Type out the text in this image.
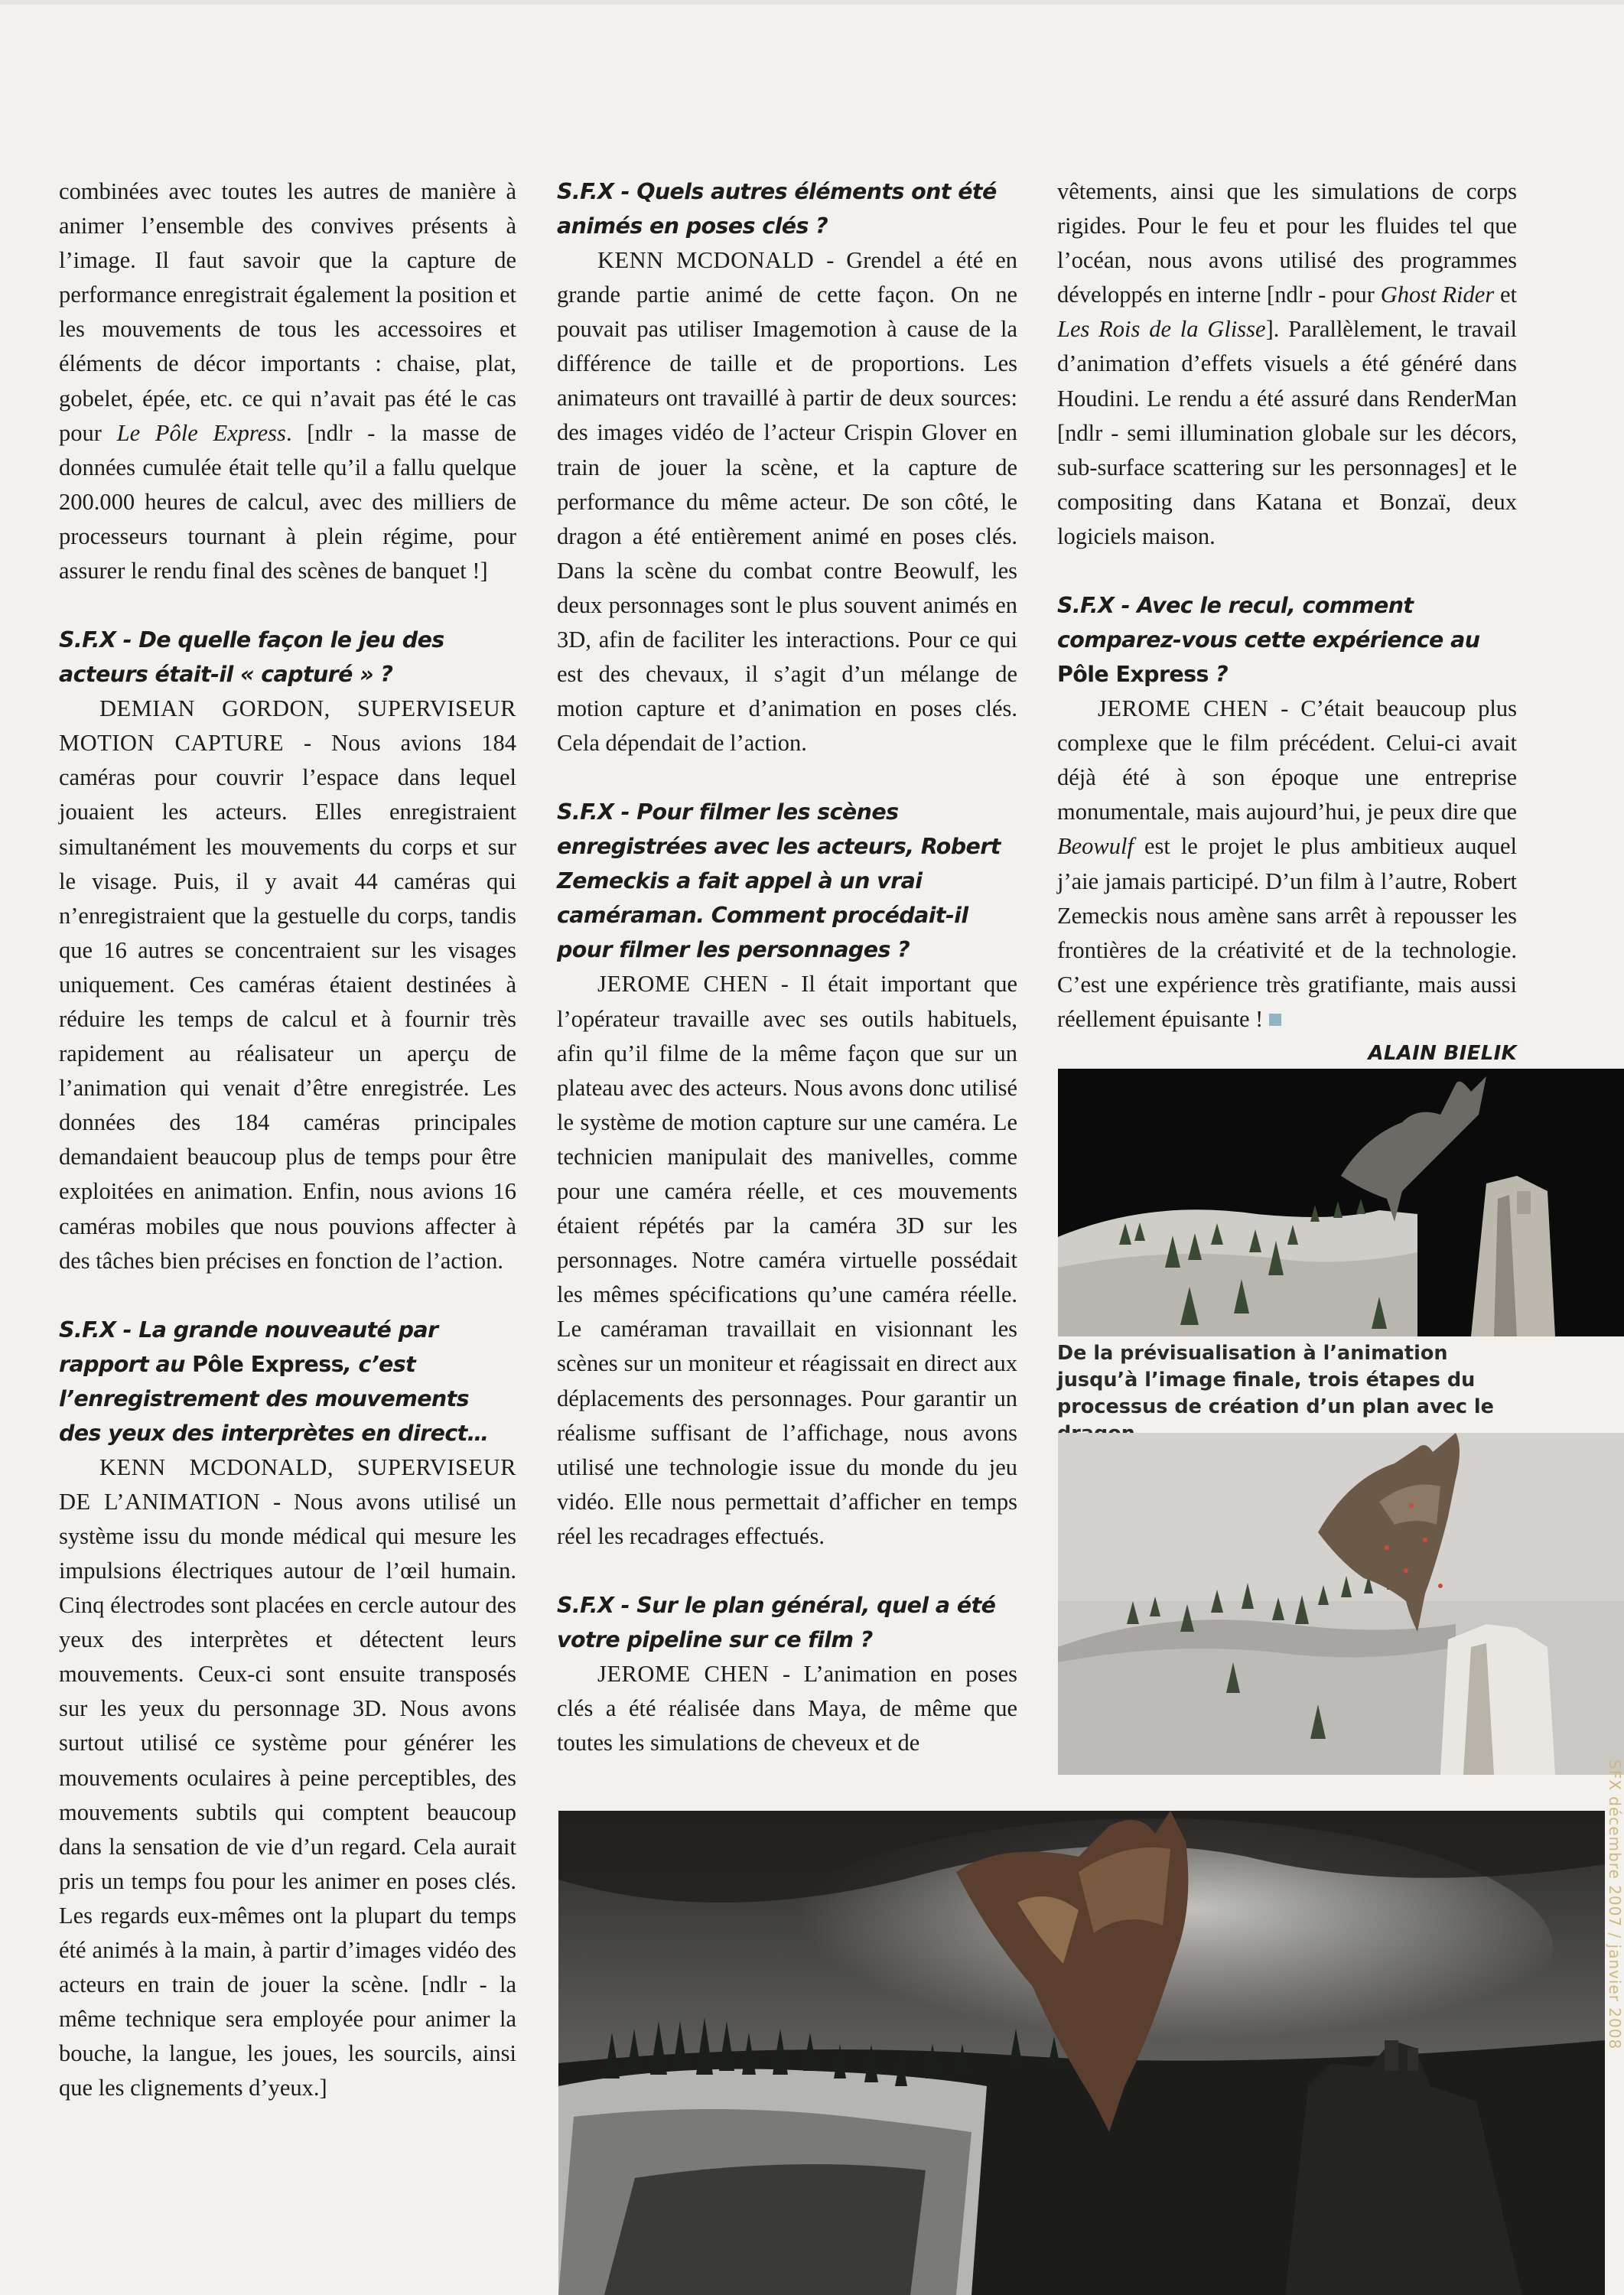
combinées avec toutes les autres de manière à animer l’ensemble des convives présents à l’image. Il faut savoir que la capture de performance enregistrait également la position et les mouvements de tous les accessoires et éléments de décor importants : chaise, plat, gobelet, épée, etc. ce qui n’avait pas été le cas pour Le Pôle Express. [ndlr - la masse de données cumulée était telle qu’il a fallu quelque 200.000 heures de calcul, avec des milliers de processeurs tournant à plein régime, pour assurer le rendu final des scènes de banquet !]

S.F.X - De quelle façon le jeu des acteurs était-il « capturé » ?

DEMIAN GORDON, SUPERVISEUR MOTION CAPTURE - Nous avions 184 caméras pour couvrir l’espace dans lequel jouaient les acteurs. Elles enregistraient simultanément les mouvements du corps et sur le visage. Puis, il y avait 44 caméras qui n’enregistraient que la gestuelle du corps, tandis que 16 autres se concentraient sur les visages uniquement. Ces caméras étaient destinées à réduire les temps de calcul et à fournir très rapidement au réalisateur un aperçu de l’animation qui venait d’être enregistrée. Les données des 184 caméras principales demandaient beaucoup plus de temps pour être exploitées en animation. Enfin, nous avions 16 caméras mobiles que nous pouvions affecter à des tâches bien précises en fonction de l’action.

S.F.X - La grande nouveauté par rapport au Pôle Express, c’est l’enregistrement des mouvements des yeux des interprètes en direct…

KENN MCDONALD, SUPERVISEUR DE L’ANIMATION - Nous avons utilisé un système issu du monde médical qui mesure les impulsions électriques autour de l’œil humain. Cinq électrodes sont placées en cercle autour des yeux des interprètes et détectent leurs mouvements. Ceux-ci sont ensuite transposés sur les yeux du personnage 3D. Nous avons surtout utilisé ce système pour générer les mouvements oculaires à peine perceptibles, des mouvements subtils qui comptent beaucoup dans la sensation de vie d’un regard. Cela aurait pris un temps fou pour les animer en poses clés. Les regards eux-mêmes ont la plupart du temps été animés à la main, à partir d’images vidéo des acteurs en train de jouer la scène. [ndlr - la même technique sera employée pour animer la bouche, la langue, les joues, les sourcils, ainsi que les clignements d’yeux.]

S.F.X - Quels autres éléments ont été animés en poses clés ?

KENN MCDONALD - Grendel a été en grande partie animé de cette façon. On ne pouvait pas utiliser Imagemotion à cause de la différence de taille et de proportions. Les animateurs ont travaillé à partir de deux sources: des images vidéo de l’acteur Crispin Glover en train de jouer la scène, et la capture de performance du même acteur. De son côté, le dragon a été entièrement animé en poses clés. Dans la scène du combat contre Beowulf, les deux personnages sont le plus souvent animés en 3D, afin de faciliter les interactions. Pour ce qui est des chevaux, il s’agit d’un mélange de motion capture et d’animation en poses clés. Cela dépendait de l’action.

S.F.X - Pour filmer les scènes enregistrées avec les acteurs, Robert Zemeckis a fait appel à un vrai caméraman. Comment procédait-il pour filmer les personnages ?

JEROME CHEN - Il était important que l’opérateur travaille avec ses outils habituels, afin qu’il filme de la même façon que sur un plateau avec des acteurs. Nous avons donc utilisé le système de motion capture sur une caméra. Le technicien manipulait des manivelles, comme pour une caméra réelle, et ces mouvements étaient répétés par la caméra 3D sur les personnages. Notre caméra virtuelle possédait les mêmes spécifications qu’une caméra réelle. Le caméraman travaillait en visionnant les scènes sur un moniteur et réagissait en direct aux déplacements des personnages. Pour garantir un réalisme suffisant de l’affichage, nous avons utilisé une technologie issue du monde du jeu vidéo. Elle nous permettait d’afficher en temps réel les recadrages effectués.

S.F.X - Sur le plan général, quel a été votre pipeline sur ce film ?

JEROME CHEN - L’animation en poses clés a été réalisée dans Maya, de même que toutes les simulations de cheveux et de

vêtements, ainsi que les simulations de corps rigides. Pour le feu et pour les fluides tel que l’océan, nous avons utilisé des programmes développés en interne [ndlr - pour Ghost Rider et Les Rois de la Glisse]. Parallèlement, le travail d’animation d’effets visuels a été généré dans Houdini. Le rendu a été assuré dans RenderMan [ndlr - semi illumination globale sur les décors, sub-surface scattering sur les personnages] et le compositing dans Katana et Bonzaï, deux logiciels maison.

S.F.X - Avec le recul, comment comparez-vous cette expérience au Pôle Express ?

JEROME CHEN - C’était beaucoup plus complexe que le film précédent. Celui-ci avait déjà été à son époque une entreprise monumentale, mais aujourd’hui, je peux dire que Beowulf est le projet le plus ambitieux auquel j’aie jamais participé. D’un film à l’autre, Robert Zemeckis nous amène sans arrêt à repousser les frontières de la créativité et de la technologie. C’est une expérience très gratifiante, mais aussi réellement épuisante !

ALAIN BIELIK
De la prévisualisation à l’animation jusqu’à l’image finale, trois étapes du processus de création d’un plan avec le
SFX décembre 2007 / janvier 2008
